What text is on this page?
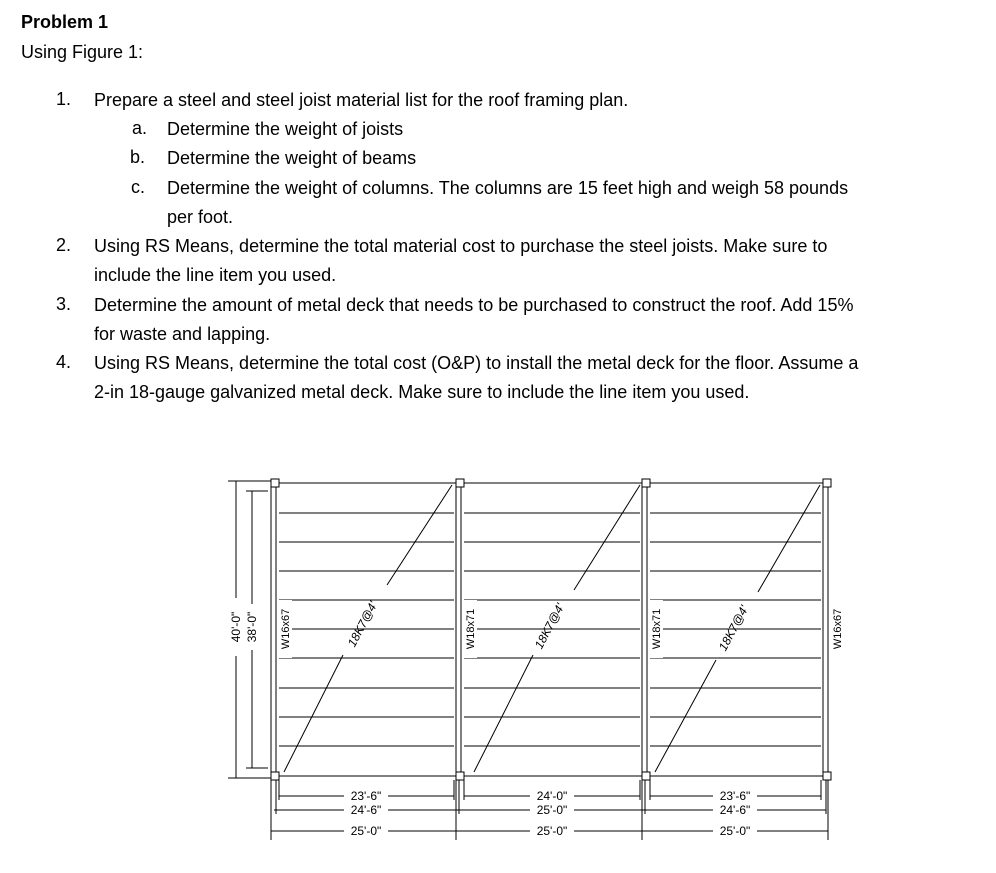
Problem 1
Using Figure 1:
1. Prepare a steel and steel joist material list for the roof framing plan.
a. Determine the weight of joists
b. Determine the weight of beams
c. Determine the weight of columns. The columns are 15 feet high and weigh 58 pounds
per foot.
2. Using RS Means, determine the total material cost to purchase the steel joists. Make sure to
include the line item you used.
3. Determine the amount of metal deck that needs to be purchased to construct the roof. Add 15%
for waste and lapping.
4. Using RS Means, determine the total cost (O&P) to install the metal deck for the floor. Assume a
2-in 18-gauge galvanized metal deck. Make sure to include the line item you used.
40'-0" 38'-0" W16x67	W18x71	W18x71	W16x67
18K7@4'	18K7@4'	18K7@4'
23'-6"
24'-6"
25'-0"
24'-0"
25'-0"
25'-0"
23'-6"
24'-6"
25'-0"
